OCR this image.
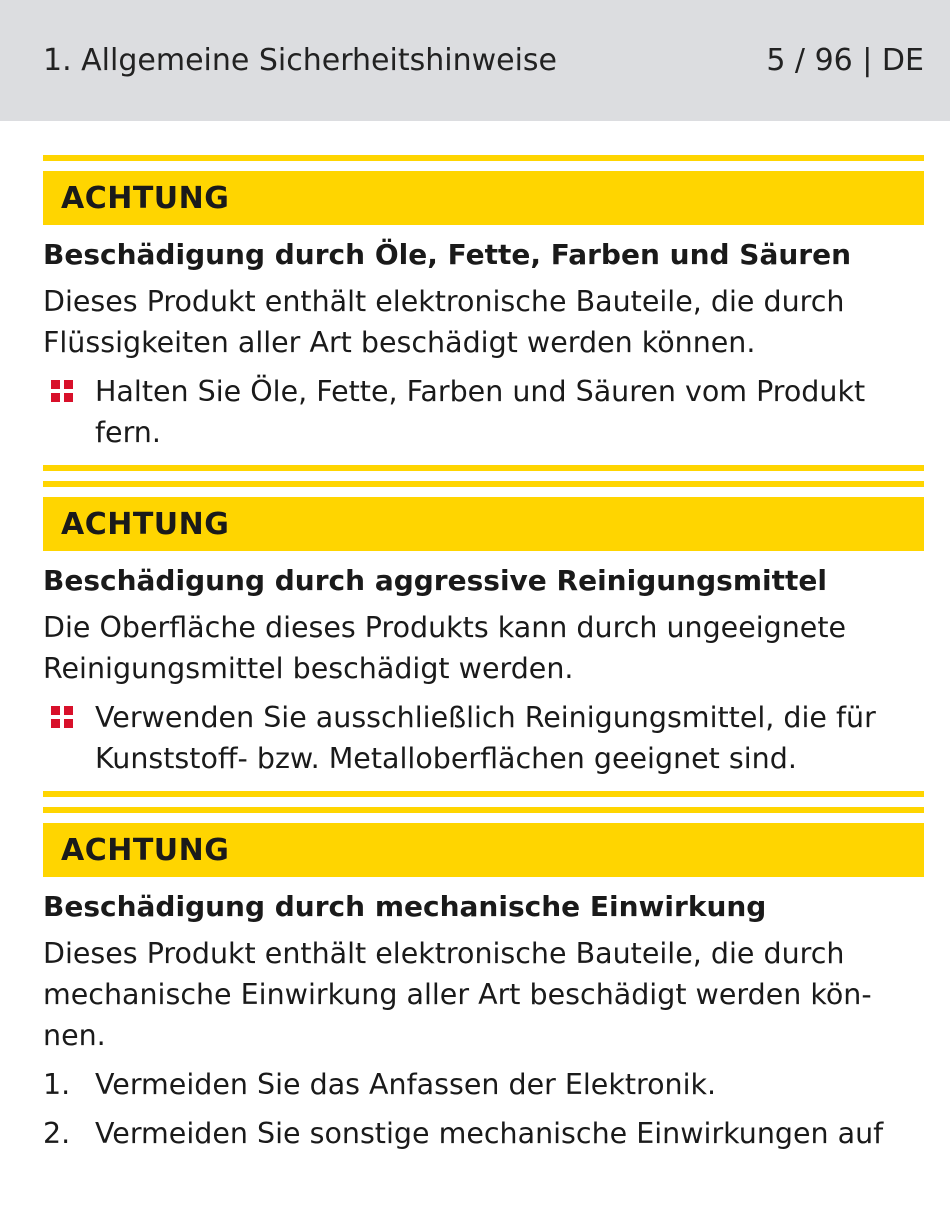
1. Allgemeine Sicherheitshinweise	5 / 96 | DE
ACHTUNG
Beschädigung durch Öle, Fette, Farben und Säuren
Dieses Produkt enthält elektronische Bauteile, die durch Flüssigkeiten aller Art beschädigt werden können.
Halten Sie Öle, Fette, Farben und Säuren vom Produkt fern.
ACHTUNG
Beschädigung durch aggressive Reinigungsmittel
Die Oberfläche dieses Produkts kann durch ungeeignete Reinigungsmittel beschädigt werden.
Verwenden Sie ausschließlich Reinigungsmittel, die für Kunststoff- bzw. Metalloberflächen geeignet sind.
ACHTUNG
Beschädigung durch mechanische Einwirkung
Dieses Produkt enthält elektronische Bauteile, die durch mechanische Einwirkung aller Art beschädigt werden kön-nen.
1. Vermeiden Sie das Anfassen der Elektronik.
2. Vermeiden Sie sonstige mechanische Einwirkungen auf
